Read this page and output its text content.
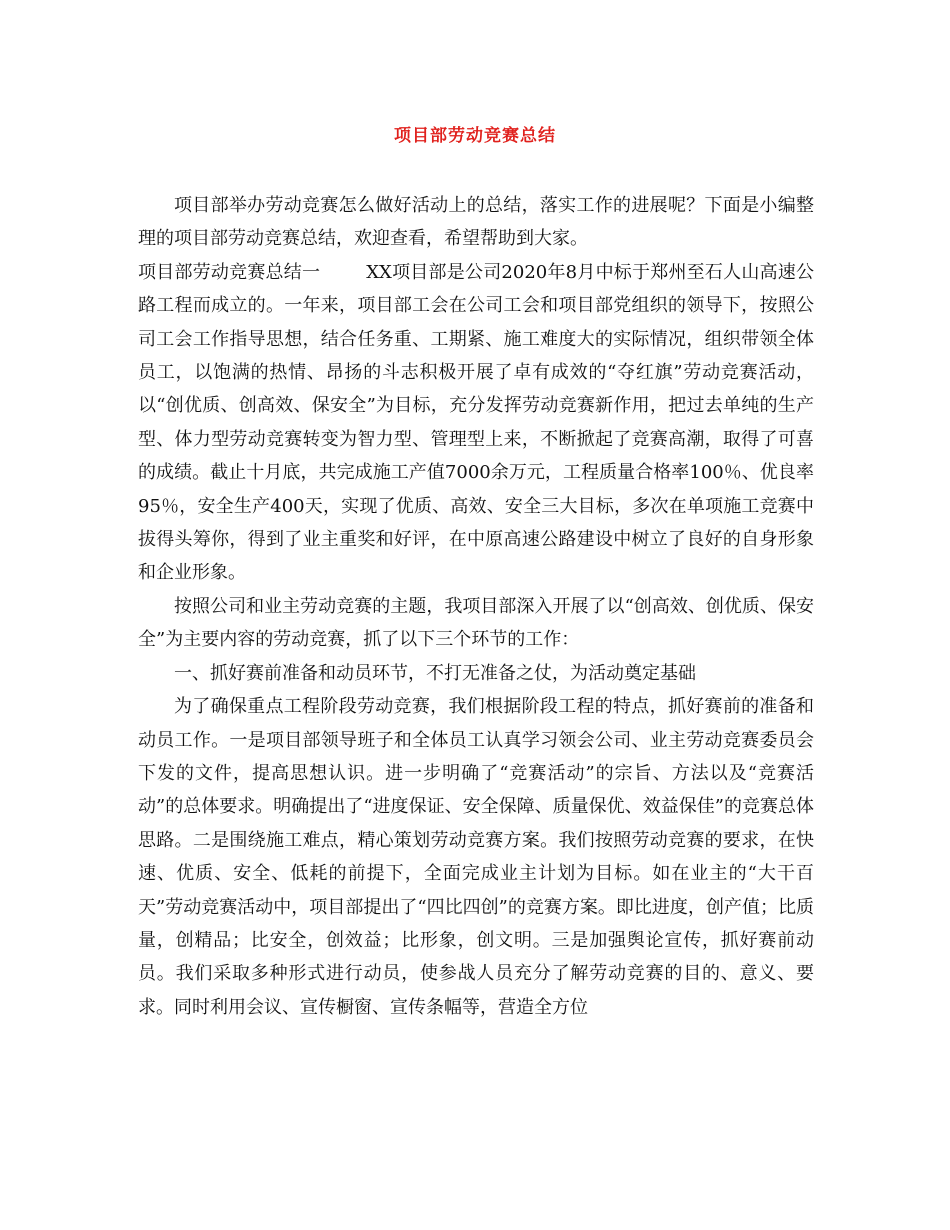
项目部劳动竞赛总结

项目部举办劳动竞赛怎么做好活动上的总结，落实工作的进展呢？下面是小编整理的项目部劳动竞赛总结，欢迎查看，希望帮助到大家。

项目部劳动竞赛总结一	XX项目部是公司2020年8月中标于郑州至石人山高速公路工程而成立的。一年来，项目部工会在公司工会和项目部党组织的领导下，按照公司工会工作指导思想，结合任务重、工期紧、施工难度大的实际情况，组织带领全体员工，以饱满的热情、昂扬的斗志积极开展了卓有成效的“夺红旗”劳动竞赛活动，以“创优质、创高效、保安全”为目标，充分发挥劳动竞赛新作用，把过去单纯的生产型、体力型劳动竞赛转变为智力型、管理型上来，不断掀起了竞赛高潮，取得了可喜的成绩。截止十月底，共完成施工产值7000余万元，工程质量合格率100％、优良率95％，安全生产400天，实现了优质、高效、安全三大目标，多次在单项施工竞赛中拔得头筹你，得到了业主重奖和好评，在中原高速公路建设中树立了良好的自身形象和企业形象。

按照公司和业主劳动竞赛的主题，我项目部深入开展了以“创高效、创优质、保安全”为主要内容的劳动竞赛，抓了以下三个环节的工作：

一、抓好赛前准备和动员环节，不打无准备之仗，为活动奠定基础

为了确保重点工程阶段劳动竞赛，我们根据阶段工程的特点，抓好赛前的准备和动员工作。一是项目部领导班子和全体员工认真学习领会公司、业主劳动竞赛委员会下发的文件，提高思想认识。进一步明确了“竞赛活动”的宗旨、方法以及“竞赛活动”的总体要求。明确提出了“进度保证、安全保障、质量保优、效益保佳”的竞赛总体思路。二是围绕施工难点，精心策划劳动竞赛方案。我们按照劳动竞赛的要求，在快速、优质、安全、低耗的前提下，全面完成业主计划为目标。如在业主的“大干百天”劳动竞赛活动中，项目部提出了“四比四创”的竞赛方案。即比进度，创产值；比质量，创精品；比安全，创效益；比形象，创文明。三是加强舆论宣传，抓好赛前动员。我们采取多种形式进行动员，使参战人员充分了解劳动竞赛的目的、意义、要求。同时利用会议、宣传橱窗、宣传条幅等，营造全方位
